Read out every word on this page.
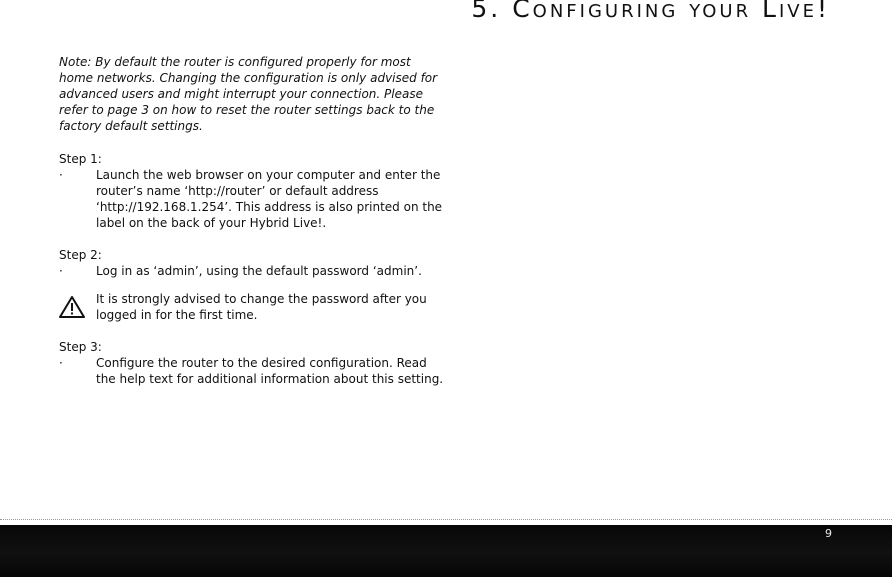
5. Configuring your Live!

Note: By default the router is configured properly for most home networks. Changing the configuration is only advised for advanced users and might interrupt your connection. Please refer to page 3 on how to reset the router settings back to the factory default settings.

Step 1:

·	Launch the web browser on your computer and enter the router’s name ‘http://router’ or default address ‘http://192.168.1.254’. This address is also printed on the label on the back of your Hybrid Live!.

Step 2:

·	Log in as ‘admin’, using the default password ‘admin’.
It is strongly advised to change the password after you logged in for the first time.

Step 3:

·	Configure the router to the desired configuration. Read the help text for additional information about this setting.
9
